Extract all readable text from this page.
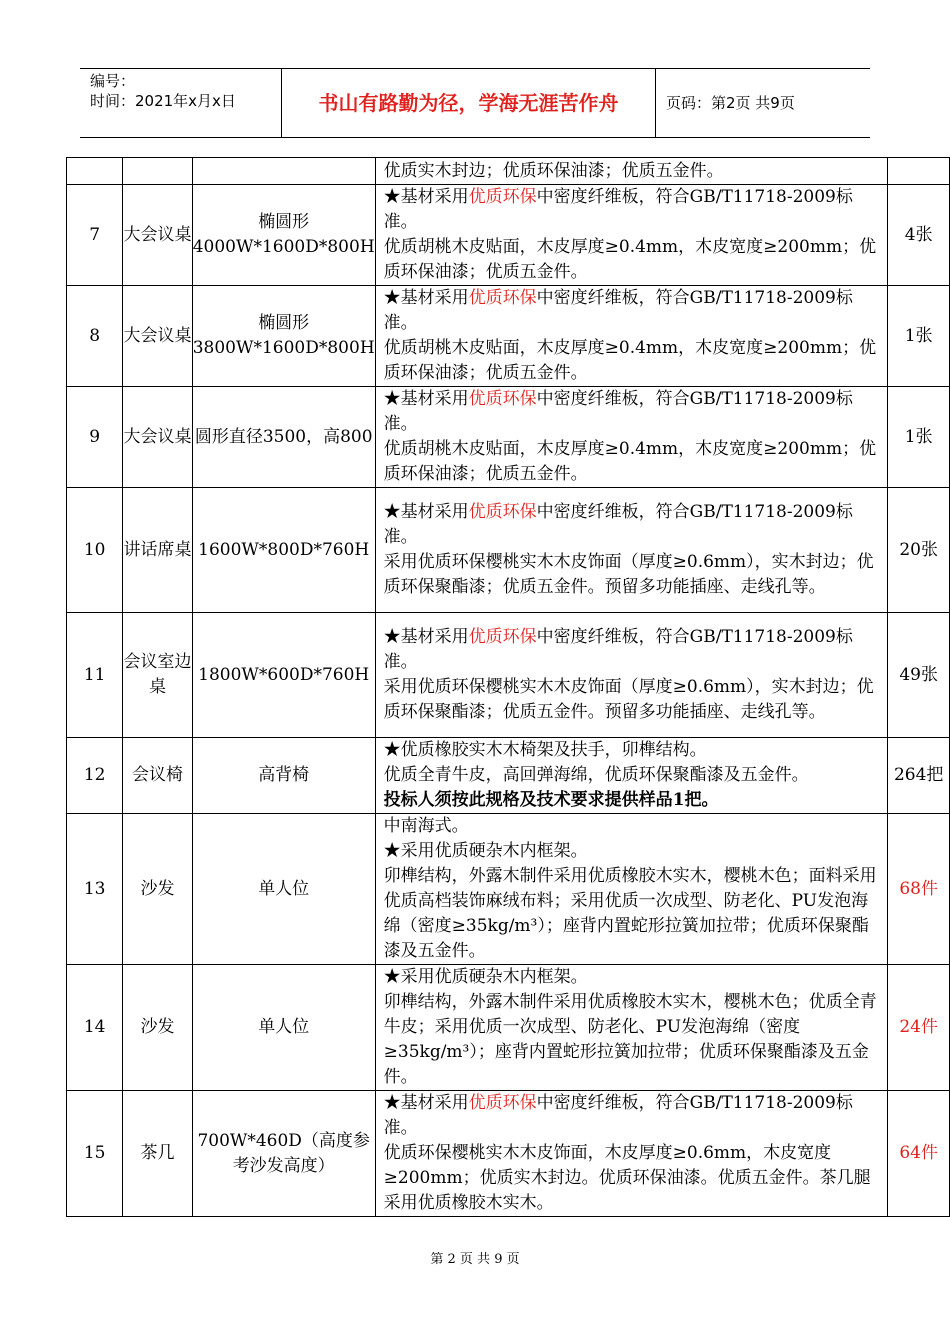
编号：
时间：2021年x月x日	书山有路勤为径，学海无涯苦作舟	页码：第2页 共9页

			优质实木封边；优质环保油漆；优质五金件。	

7	大会议桌	椭圆形4000W*1600D*800H	★基材采用优质环保中密度纤维板，符合GB/T11718-2009标准。
优质胡桃木皮贴面，木皮厚度≥0.4mm，木皮宽度≥200mm；优质环保油漆；优质五金件。	4张
8	大会议桌	椭圆形3800W*1600D*800H	★基材采用优质环保中密度纤维板，符合GB/T11718-2009标准。
优质胡桃木皮贴面，木皮厚度≥0.4mm，木皮宽度≥200mm；优质环保油漆；优质五金件。	1张
9	大会议桌	圆形直径3500，高800	★基材采用优质环保中密度纤维板，符合GB/T11718-2009标准。
优质胡桃木皮贴面，木皮厚度≥0.4mm，木皮宽度≥200mm；优质环保油漆；优质五金件。	1张
10	讲话席桌	1600W*800D*760H	★基材采用优质环保中密度纤维板，符合GB/T11718-2009标准。
采用优质环保樱桃实木木皮饰面（厚度≥0.6mm），实木封边；优质环保聚酯漆；优质五金件。预留多功能插座、走线孔等。	20张
11	会议室边桌	1800W*600D*760H	★基材采用优质环保中密度纤维板，符合GB/T11718-2009标准。
采用优质环保樱桃实木木皮饰面（厚度≥0.6mm），实木封边；优质环保聚酯漆；优质五金件。预留多功能插座、走线孔等。	49张
12	会议椅	高背椅	★优质橡胶实木木椅架及扶手，卯榫结构。
优质全青牛皮，高回弹海绵，优质环保聚酯漆及五金件。
投标人须按此规格及技术要求提供样品1把。	264把
13	沙发	单人位	中南海式。
★采用优质硬杂木内框架。
卯榫结构，外露木制件采用优质橡胶木实木，樱桃木色；面料采用优质高档装饰麻绒布料；采用优质一次成型、防老化、PU发泡海绵（密度≥35kg/m³）；座背内置蛇形拉簧加拉带；优质环保聚酯漆及五金件。	68件
14	沙发	单人位	★采用优质硬杂木内框架。
卯榫结构，外露木制件采用优质橡胶木实木，樱桃木色；优质全青牛皮；采用优质一次成型、防老化、PU发泡海绵（密度≥35kg/m³）；座背内置蛇形拉簧加拉带；优质环保聚酯漆及五金件。	24件
15	茶几	700W*460D（高度参考沙发高度）	★基材采用优质环保中密度纤维板，符合GB/T11718-2009标准。
优质环保樱桃实木木皮饰面，木皮厚度≥0.6mm，木皮宽度≥200mm；优质实木封边。优质环保油漆。优质五金件。茶几腿采用优质橡胶木实木。	64件
第 2 页 共 9 页
